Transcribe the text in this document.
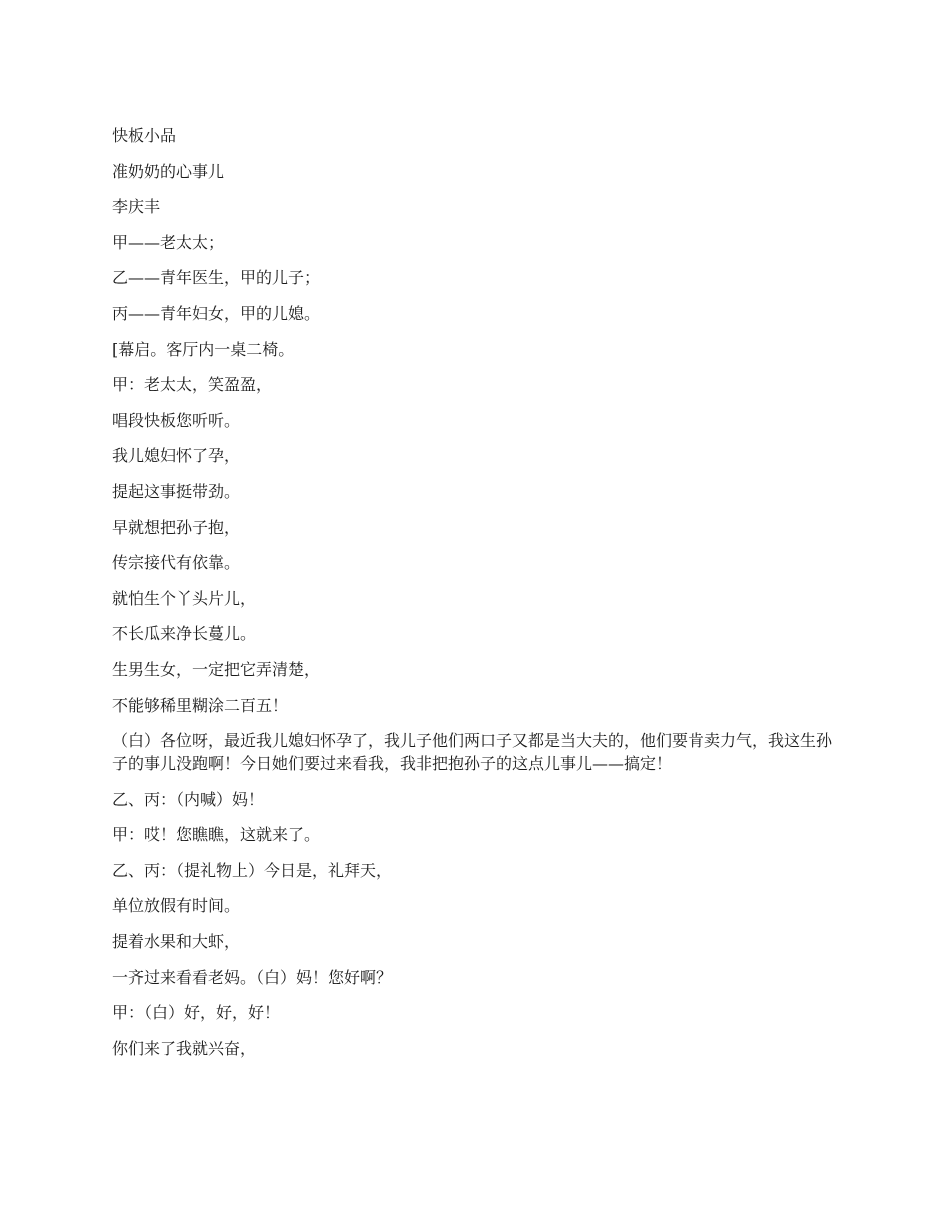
快板小品

准奶奶的心事儿

李庆丰

甲——老太太；

乙——青年医生，甲的儿子；

丙——青年妇女，甲的儿媳。

[幕启。客厅内一桌二椅。

甲：老太太，笑盈盈，

唱段快板您听听。

我儿媳妇怀了孕，

提起这事挺带劲。

早就想把孙子抱，

传宗接代有依靠。

就怕生个丫头片儿，

不长瓜来净长蔓儿。

生男生女，一定把它弄清楚，

不能够稀里糊涂二百五！

（白）各位呀，最近我儿媳妇怀孕了，我儿子他们两口子又都是当大夫的，他们要肯卖力气，我这生孙子的事儿没跑啊！今日她们要过来看我，我非把抱孙子的这点儿事儿——搞定！

乙、丙：（内喊）妈！

甲：哎！您瞧瞧，这就来了。

乙、丙：（提礼物上）今日是，礼拜天，

单位放假有时间。

提着水果和大虾，

一齐过来看看老妈。（白）妈！您好啊？

甲：（白）好，好，好！

你们来了我就兴奋，
